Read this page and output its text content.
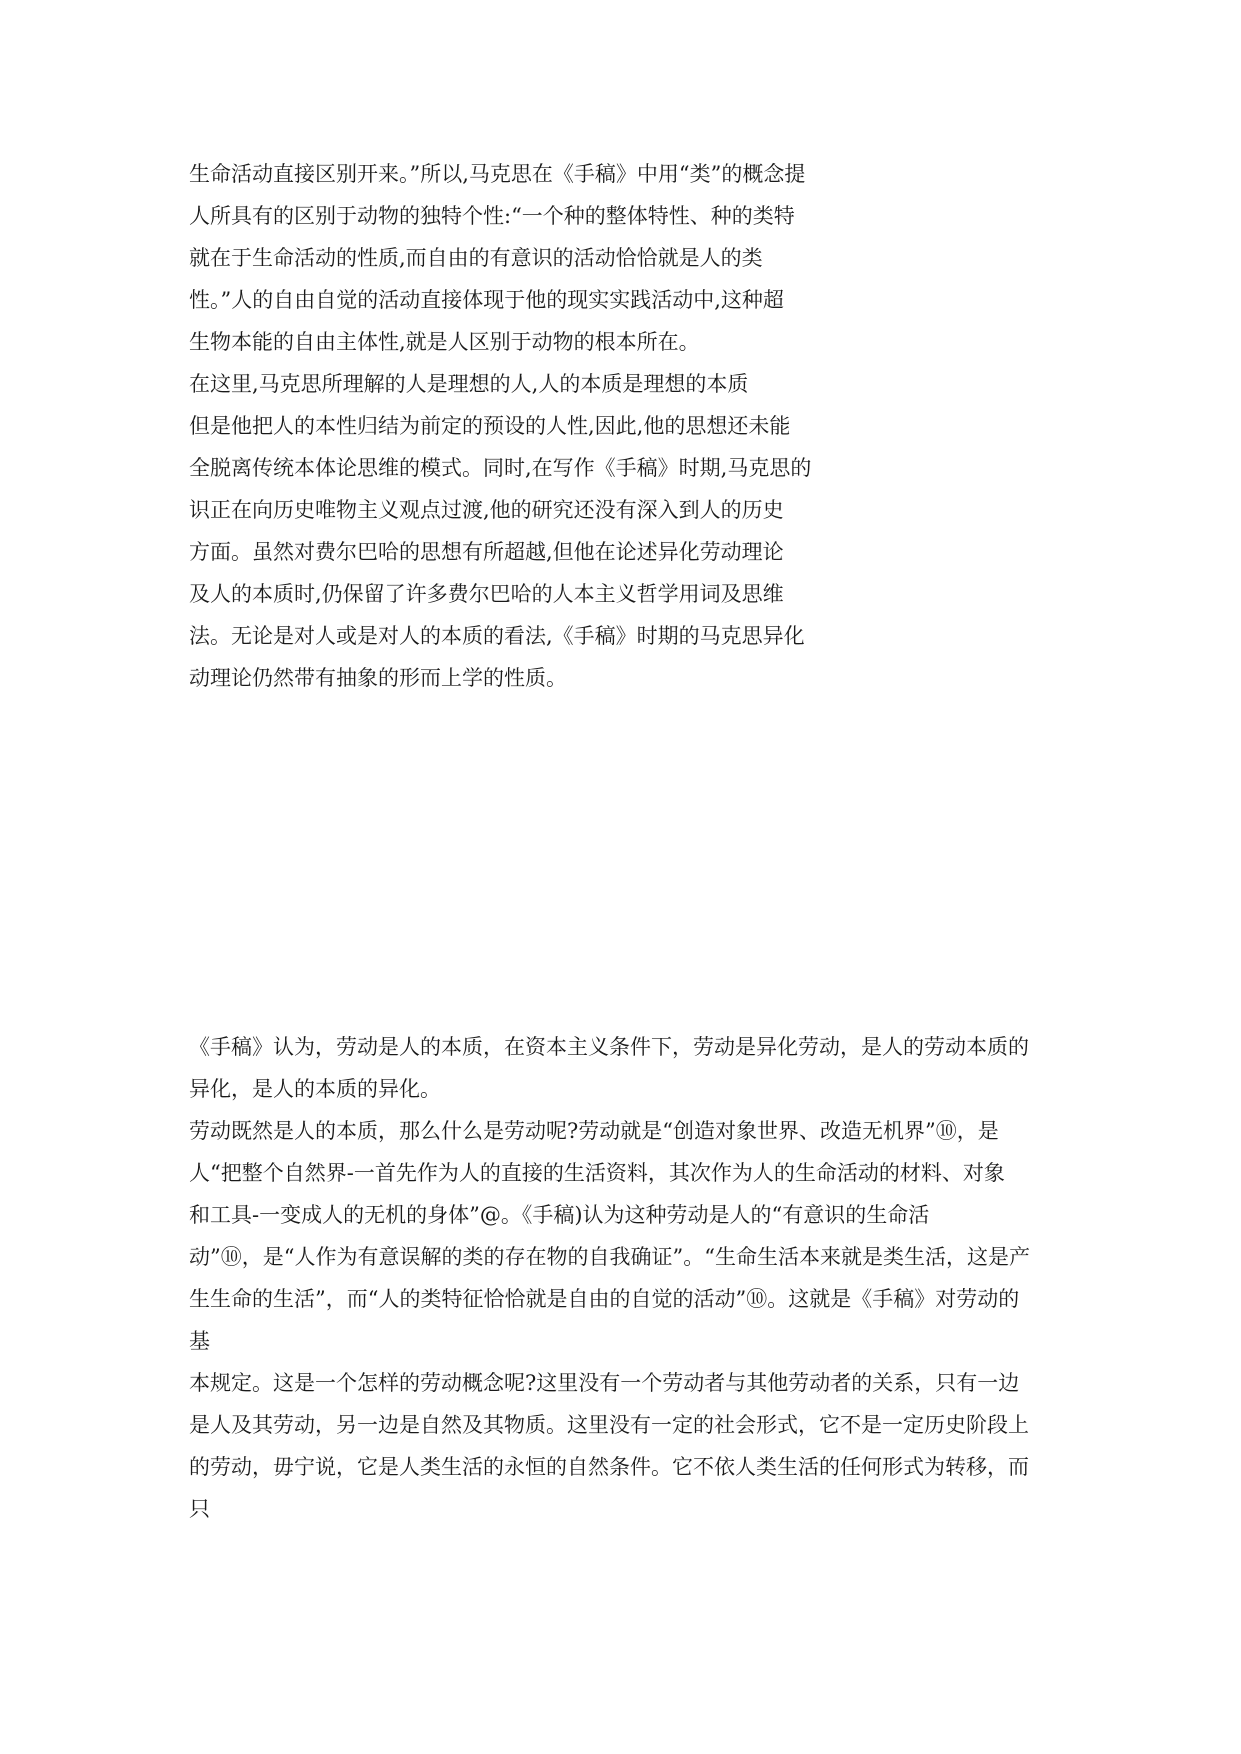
生命活动直接区别开来。”所以,马克思在《手稿》中用“类”的概念提
人所具有的区别于动物的独特个性:“一个种的整体特性、种的类特
就在于生命活动的性质,而自由的有意识的活动恰恰就是人的类
性。”人的自由自觉的活动直接体现于他的现实实践活动中,这种超
生物本能的自由主体性,就是人区别于动物的根本所在。
在这里,马克思所理解的人是理想的人,人的本质是理想的本质
但是他把人的本性归结为前定的预设的人性,因此,他的思想还未能
全脱离传统本体论思维的模式。同时,在写作《手稿》时期,马克思的
识正在向历史唯物主义观点过渡,他的研究还没有深入到人的历史
方面。虽然对费尔巴哈的思想有所超越,但他在论述异化劳动理论
及人的本质时,仍保留了许多费尔巴哈的人本主义哲学用词及思维
法。无论是对人或是对人的本质的看法,《手稿》时期的马克思异化
动理论仍然带有抽象的形而上学的性质。
《手稿》认为，劳动是人的本质，在资本主义条件下，劳动是异化劳动，是人的劳动本质的
异化，是人的本质的异化。
劳动既然是人的本质，那么什么是劳动呢?劳动就是“创造对象世界、改造无机界”⑩，是
人“把整个自然界-一首先作为人的直接的生活资料，其次作为人的生命活动的材料、对象
和工具-一变成人的无机的身体”@。《手稿)认为这种劳动是人的“有意识的生命活
动”⑩，是“人作为有意误解的类的存在物的自我确证”。“生命生活本来就是类生活，这是产
生生命的生活”，而“人的类特征恰恰就是自由的自觉的活动”⑩。这就是《手稿》对劳动的
基
本规定。这是一个怎样的劳动概念呢?这里没有一个劳动者与其他劳动者的关系，只有一边
是人及其劳动，另一边是自然及其物质。这里没有一定的社会形式，它不是一定历史阶段上
的劳动，毋宁说，它是人类生活的永恒的自然条件。它不依人类生活的任何形式为转移，而
只
